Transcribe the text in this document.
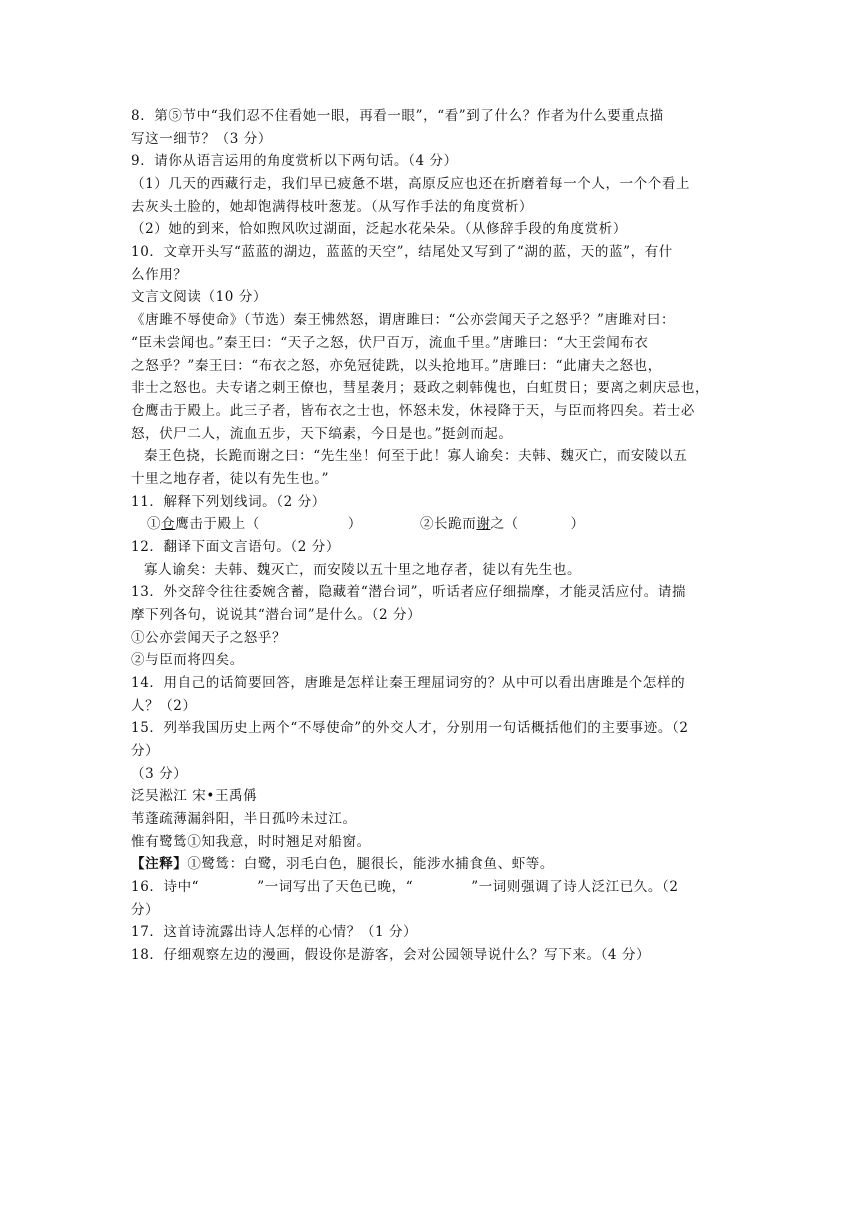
8．第⑤节中“我们忍不住看她一眼，再看一眼”，“看”到了什么？作者为什么要重点描
写这一细节？（3 分）
9．请你从语言运用的角度赏析以下两句话。（4 分）
（1）几天的西藏行走，我们早已疲惫不堪，高原反应也还在折磨着每一个人，一个个看上
去灰头土脸的，她却饱满得枝叶葱茏。（从写作手法的角度赏析）
（2）她的到来，恰如煦风吹过湖面，泛起水花朵朵。（从修辞手段的角度赏析）
10．文章开头写“蓝蓝的湖边，蓝蓝的天空”，结尾处又写到了“湖的蓝，天的蓝”，有什
么作用？
文言文阅读（10 分）
《唐雎不辱使命》（节选）秦王怫然怒，谓唐雎曰：“公亦尝闻天子之怒乎？”唐雎对曰：
“臣未尝闻也。”秦王曰：“天子之怒，伏尸百万，流血千里。”唐雎曰：“大王尝闻布衣
之怒乎？”秦王曰：“布衣之怒，亦免冠徒跣，以头抢地耳。”唐雎曰：“此庸夫之怒也，
非士之怒也。夫专诸之刺王僚也，彗星袭月；聂政之刺韩傀也，白虹贯日；要离之刺庆忌也，
仓鹰击于殿上。此三子者，皆布衣之士也，怀怒未发，休祲降于天，与臣而将四矣。若士必
怒，伏尸二人，流血五步，天下缟素，今日是也。”挺剑而起。
秦王色挠，长跪而谢之曰：“先生坐！何至于此！寡人谕矣：夫韩、魏灭亡，而安陵以五
十里之地存者，徒以有先生也。”
11．解释下列划线词。（2 分）
①仓鹰击于殿上（	）	②长跪而谢之（	）
12．翻译下面文言语句。（2 分）
寡人谕矣：夫韩、魏灭亡，而安陵以五十里之地存者，徒以有先生也。
13．外交辞令往往委婉含蓄，隐藏着“潜台词”，听话者应仔细揣摩，才能灵活应付。请揣
摩下列各句，说说其“潜台词”是什么。（2 分）
①公亦尝闻天子之怒乎？
②与臣而将四矣。
14．用自己的话简要回答，唐雎是怎样让秦王理屈词穷的？从中可以看出唐雎是个怎样的
人？（2）
15．列举我国历史上两个“不辱使命”的外交人才，分别用一句话概括他们的主要事迹。（2
分）
（3 分）
泛吴淞江 宋•王禹偁
苇蓬疏薄漏斜阳，半日孤吟未过江。
惟有鹭鸶①知我意，时时翘足对船窗。
【注释】①鹭鸶：白鹭，羽毛白色，腿很长，能涉水捕食鱼、虾等。
16．诗中“	”一词写出了天色已晚，“	”一词则强调了诗人泛江已久。（2
分）
17．这首诗流露出诗人怎样的心情？（1 分）
18．仔细观察左边的漫画，假设你是游客，会对公园领导说什么？写下来。（4 分）
